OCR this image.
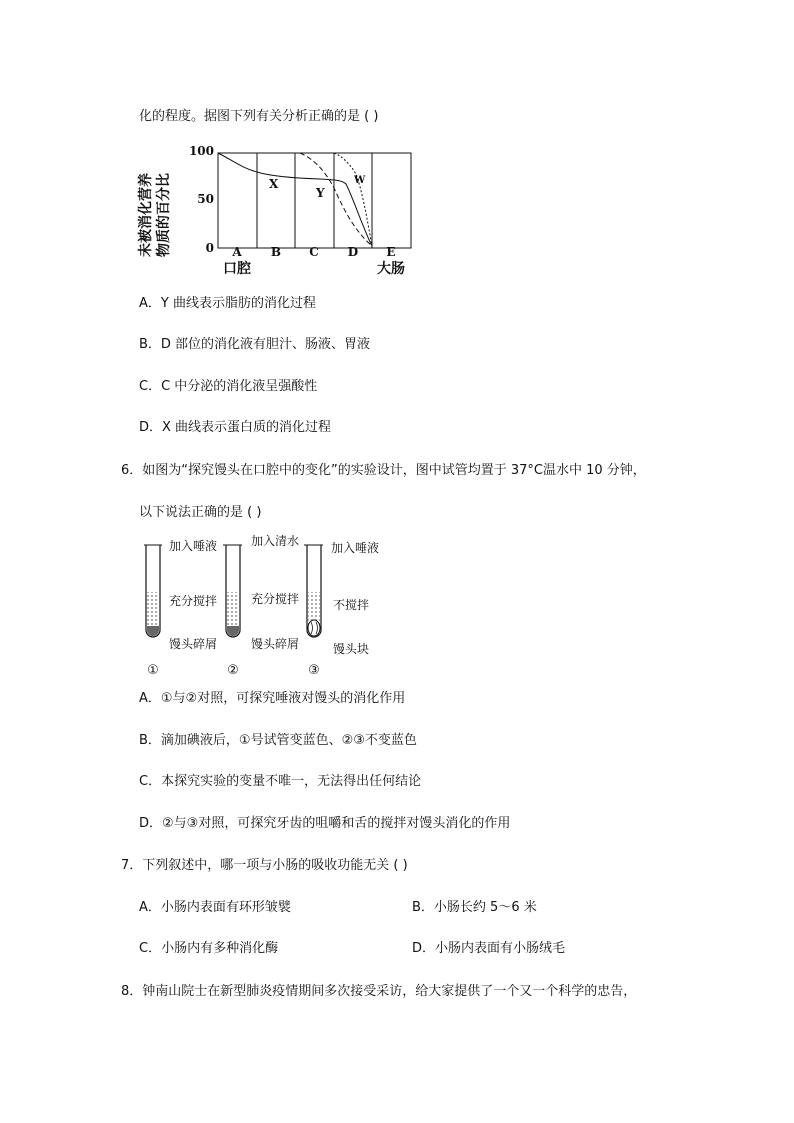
化的程度。据图下列有关分析正确的是 ( )
未被消化营养 物质的百分比
100
50
0
X
Y
W
A B C D E
口腔	大肠
A．Y 曲线表示脂肪的消化过程
B．D 部位的消化液有胆汁、肠液、胃液
C．C 中分泌的消化液呈强酸性
D．X 曲线表示蛋白质的消化过程
6．如图为“探究馒头在口腔中的变化”的实验设计，图中试管均置于 37°C温水中 10 分钟，
以下说法正确的是 ( )
加入唾液
充分搅拌
馒头碎屑
①
加入清水
充分搅拌
馒头碎屑
②
加入唾液
不搅拌
馒头块
③
A．①与②对照，可探究唾液对馒头的消化作用
B．滴加碘液后，①号试管变蓝色、②③不变蓝色
C．本探究实验的变量不唯一，无法得出任何结论
D．②与③对照，可探究牙齿的咀嚼和舌的搅拌对馒头消化的作用
7．下列叙述中，哪一项与小肠的吸收功能无关 ( )
A．小肠内表面有环形皱襞	B．小肠长约 5～6 米
C．小肠内有多种消化酶	D．小肠内表面有小肠绒毛
8．钟南山院士在新型肺炎疫情期间多次接受采访，给大家提供了一个又一个科学的忠告，
